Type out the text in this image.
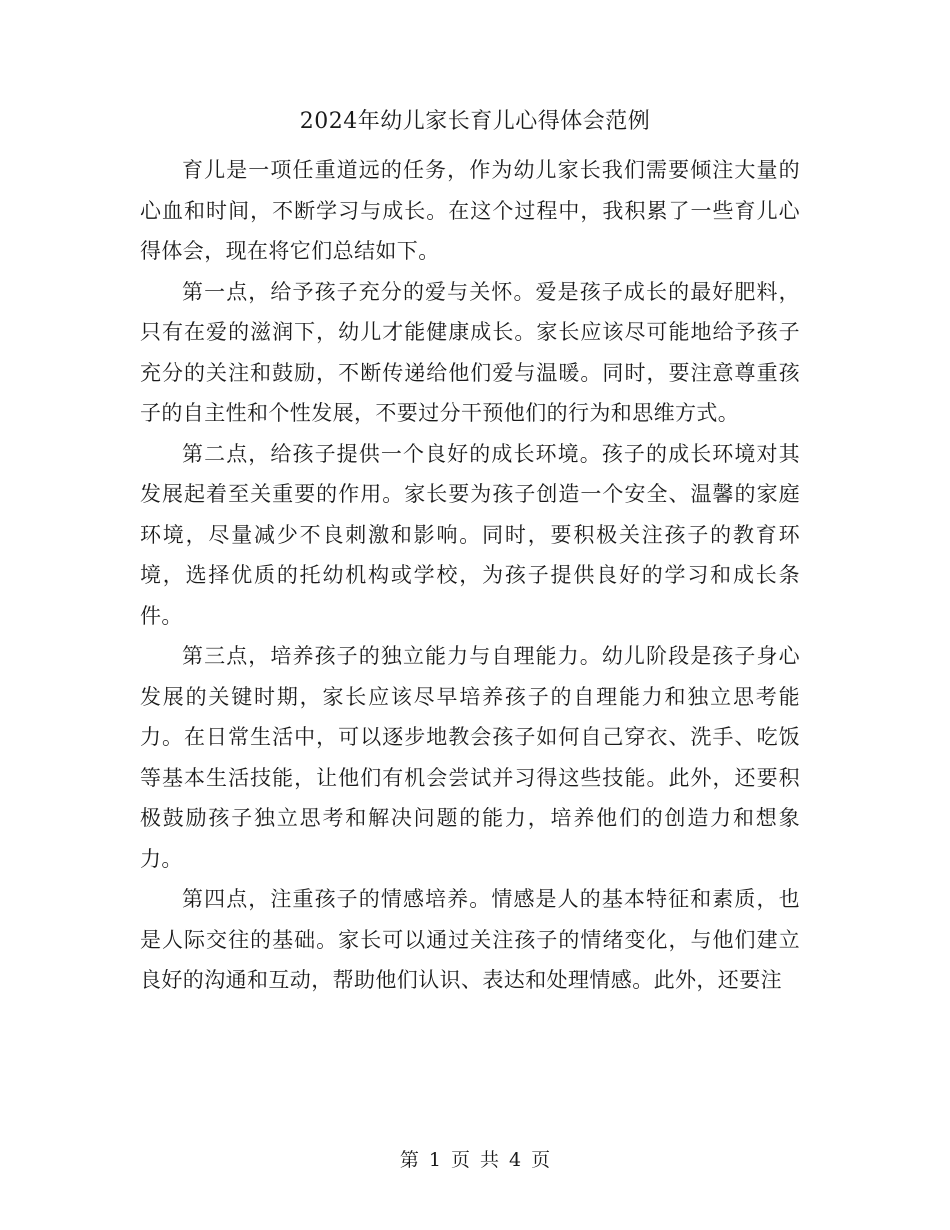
2024年幼儿家长育儿心得体会范例

育儿是一项任重道远的任务，作为幼儿家长我们需要倾注大量的心血和时间，不断学习与成长。在这个过程中，我积累了一些育儿心得体会，现在将它们总结如下。

第一点，给予孩子充分的爱与关怀。爱是孩子成长的最好肥料，只有在爱的滋润下，幼儿才能健康成长。家长应该尽可能地给予孩子充分的关注和鼓励，不断传递给他们爱与温暖。同时，要注意尊重孩子的自主性和个性发展，不要过分干预他们的行为和思维方式。

第二点，给孩子提供一个良好的成长环境。孩子的成长环境对其发展起着至关重要的作用。家长要为孩子创造一个安全、温馨的家庭环境，尽量减少不良刺激和影响。同时，要积极关注孩子的教育环境，选择优质的托幼机构或学校，为孩子提供良好的学习和成长条件。

第三点，培养孩子的独立能力与自理能力。幼儿阶段是孩子身心发展的关键时期，家长应该尽早培养孩子的自理能力和独立思考能力。在日常生活中，可以逐步地教会孩子如何自己穿衣、洗手、吃饭等基本生活技能，让他们有机会尝试并习得这些技能。此外，还要积极鼓励孩子独立思考和解决问题的能力，培养他们的创造力和想象力。

第四点，注重孩子的情感培养。情感是人的基本特征和素质，也是人际交往的基础。家长可以通过关注孩子的情绪变化，与他们建立良好的沟通和互动，帮助他们认识、表达和处理情感。此外，还要注

第 1 页 共 4 页
